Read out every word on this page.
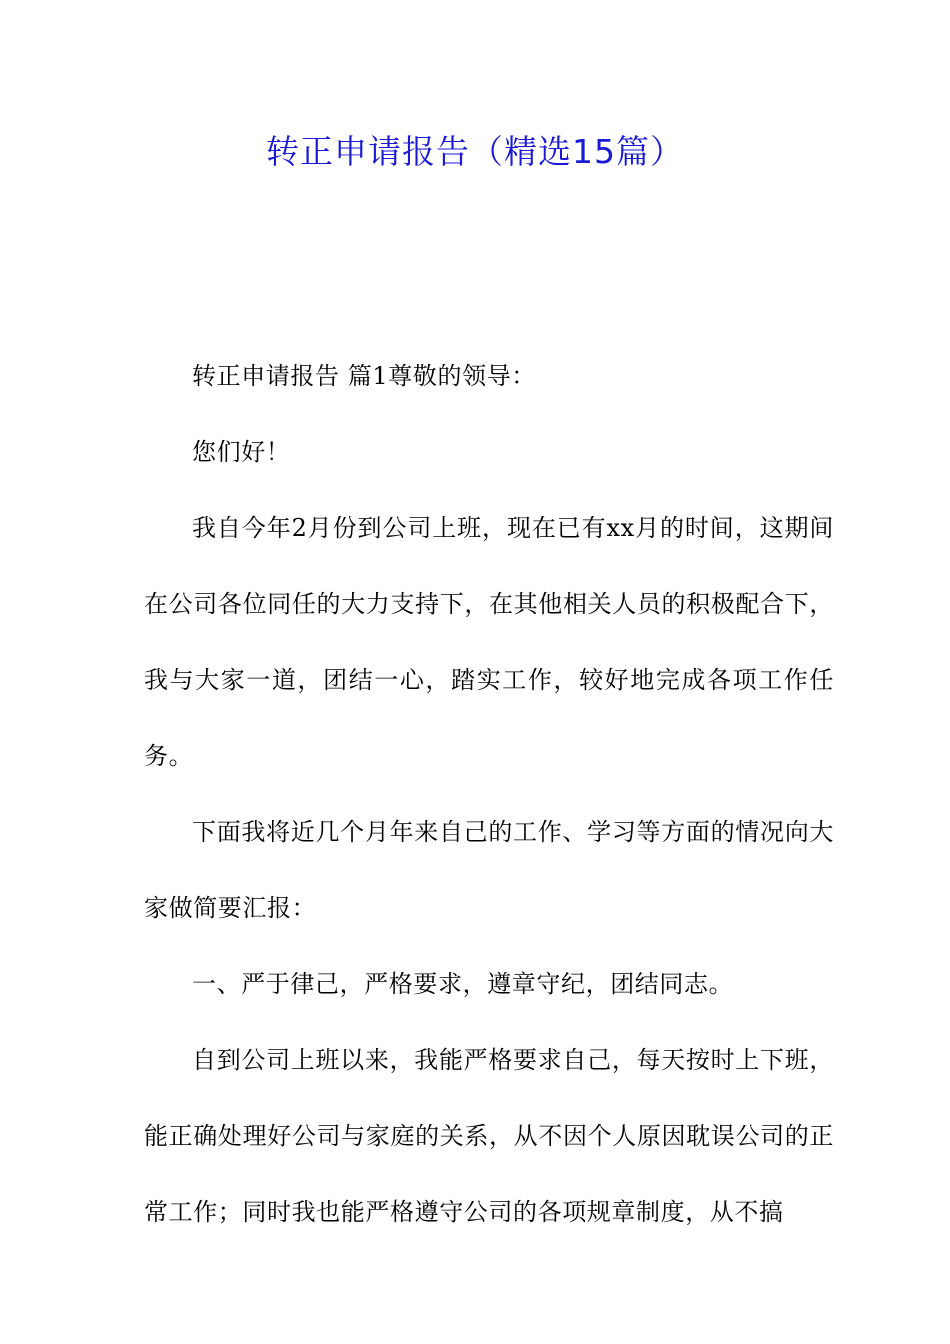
转正申请报告（精选15篇）

转正申请报告 篇1尊敬的领导：

您们好！

我自今年2月份到公司上班，现在已有xx月的时间，这期间在公司各位同任的大力支持下，在其他相关人员的积极配合下，我与大家一道，团结一心，踏实工作，较好地完成各项工作任务。

下面我将近几个月年来自己的工作、学习等方面的情况向大家做简要汇报：

一、严于律己，严格要求，遵章守纪，团结同志。

自到公司上班以来，我能严格要求自己，每天按时上下班，能正确处理好公司与家庭的关系，从不因个人原因耽误公司的正常工作；同时我也能严格遵守公司的各项规章制度，从不搞
